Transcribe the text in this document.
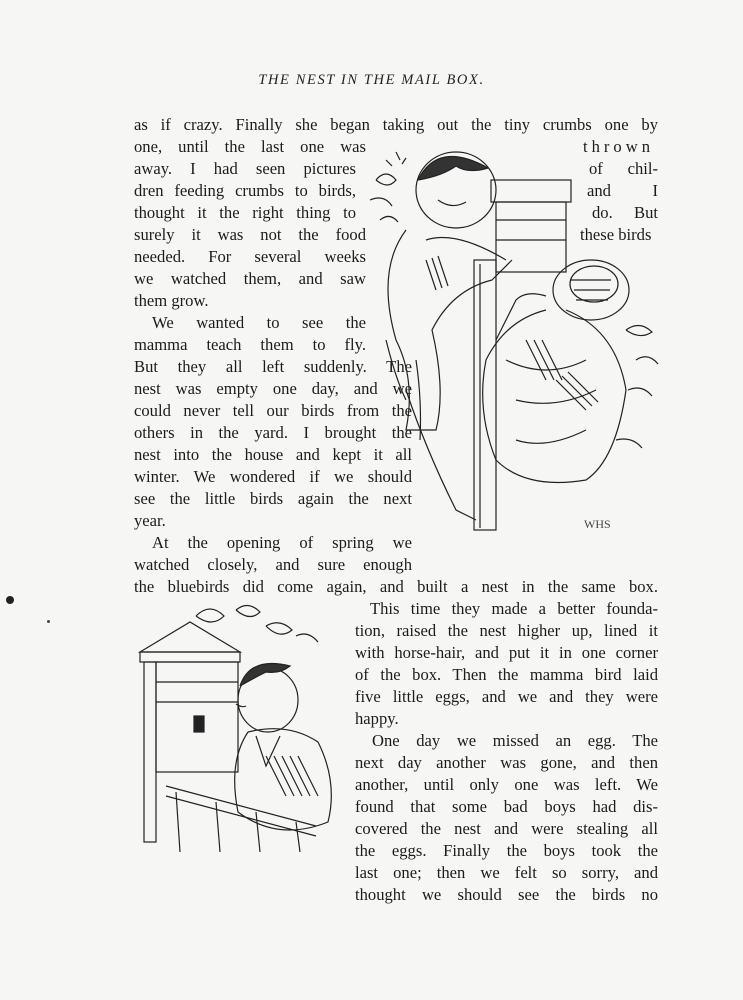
THE NEST IN THE MAIL BOX.
as if crazy. Finally she began taking out the tiny crumbs one by
one, until the last one was	thrown
away. I had seen pictures	of chil-
dren feeding crumbs to birds,	and I
thought it the right thing to	do. But
surely it was not the food	these birds
needed. For several weeks
we watched them, and saw
them grow.
We wanted to see the
mamma teach them to fly.
But they all left suddenly. The
nest was empty one day, and we
could never tell our birds from the
others in the yard. I brought the
nest into the house and kept it all
winter. We wondered if we should
see the little birds again the next
year.
At the opening of spring we
watched closely, and sure enough
the bluebirds did come again, and built a nest in the same box.
This time they made a better founda-
tion, raised the nest higher up, lined it
with horse-hair, and put it in one corner
of the box. Then the mamma bird laid
five little eggs, and we and they were
happy.
One day we missed an egg. The
next day another was gone, and then
another, until only one was left. We
found that some bad boys had dis-
covered the nest and were stealing all
the eggs. Finally the boys took the
last one; then we felt so sorry, and
thought we should see the birds no
WHS
